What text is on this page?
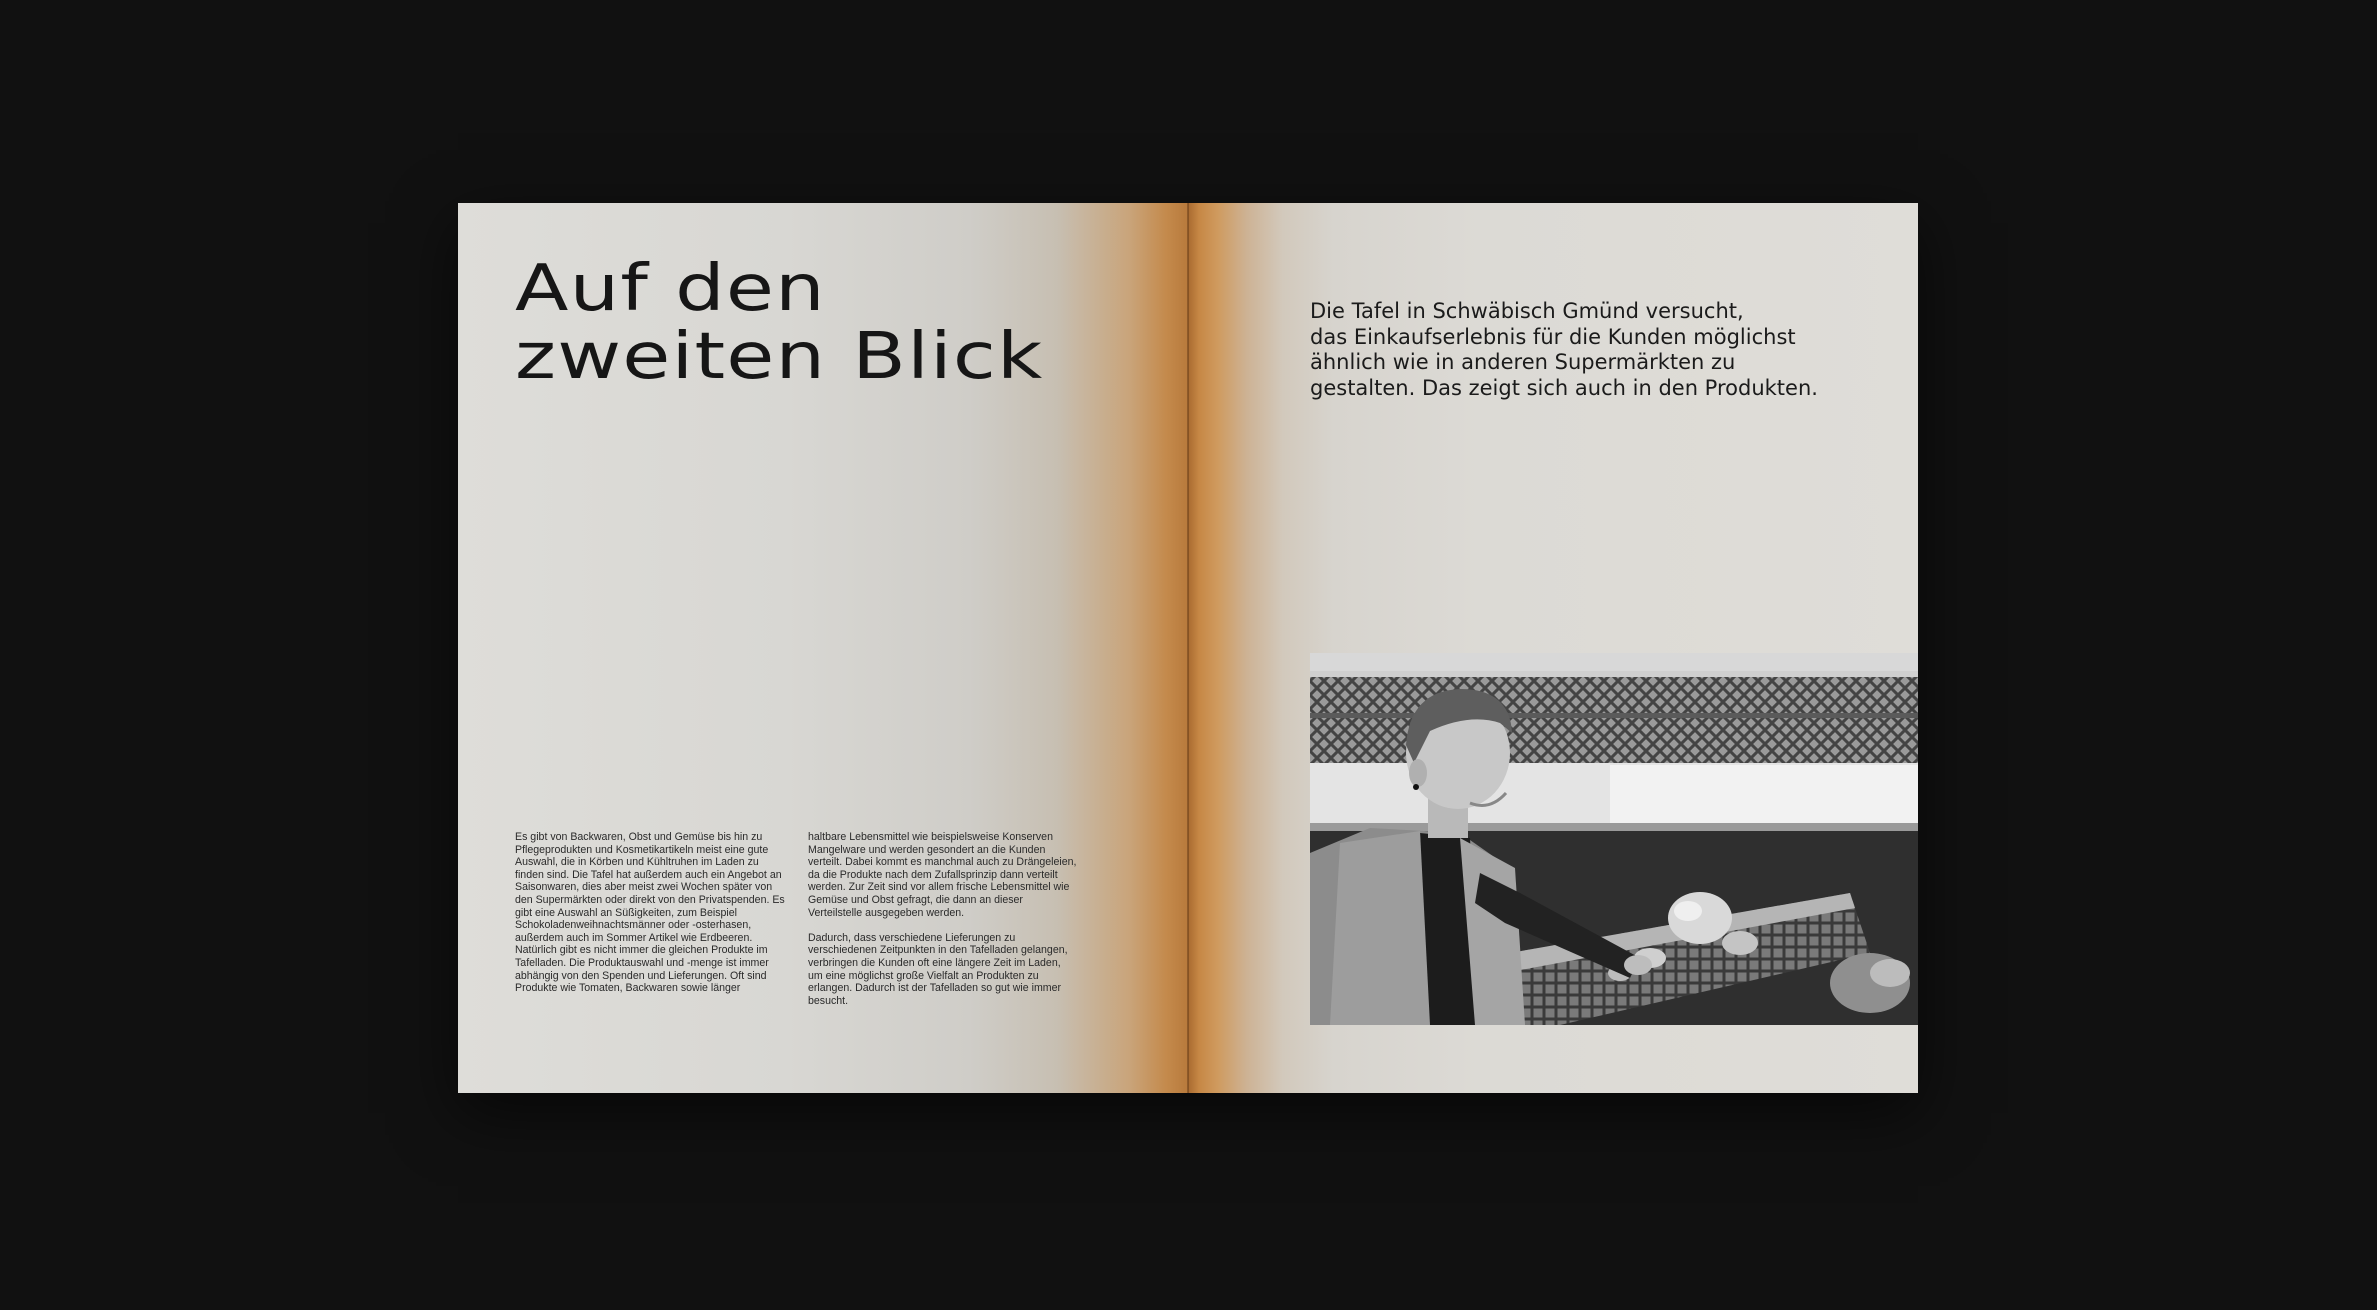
Auf den
zweiten Blick

Es gibt von Backwaren, Obst und Gemüse bis hin zu Pflegeprodukten und Kosmetikartikeln meist eine gute Auswahl, die in Körben und Kühltruhen im Laden zu finden sind. Die Tafel hat außerdem auch ein Angebot an Saisonwaren, dies aber meist zwei Wochen später von den Supermärkten oder direkt von den Privatspenden. Es gibt eine Auswahl an Süßigkeiten, zum Beispiel Schokoladenweihnachtsmänner oder -osterhasen, außerdem auch im Sommer Artikel wie Erdbeeren. Natürlich gibt es nicht immer die gleichen Produkte im Tafelladen. Die Produktauswahl und -menge ist immer abhängig von den Spenden und Lieferungen. Oft sind Produkte wie Tomaten, Backwaren sowie länger

haltbare Lebensmittel wie beispielsweise Konserven Mangelware und werden gesondert an die Kunden verteilt. Dabei kommt es manchmal auch zu Drängeleien, da die Produkte nach dem Zufallsprinzip dann verteilt werden. Zur Zeit sind vor allem frische Lebensmittel wie Gemüse und Obst gefragt, die dann an dieser Verteilstelle ausgegeben werden.

Dadurch, dass verschiedene Lieferungen zu verschiedenen Zeitpunkten in den Tafelladen gelangen, verbringen die Kunden oft eine längere Zeit im Laden, um eine möglichst große Vielfalt an Produkten zu erlangen. Dadurch ist der Tafelladen so gut wie immer besucht.

Die Tafel in Schwäbisch Gmünd versucht,
das Einkaufserlebnis für die Kunden möglichst
ähnlich wie in anderen Supermärkten zu
gestalten. Das zeigt sich auch in den Produkten.
